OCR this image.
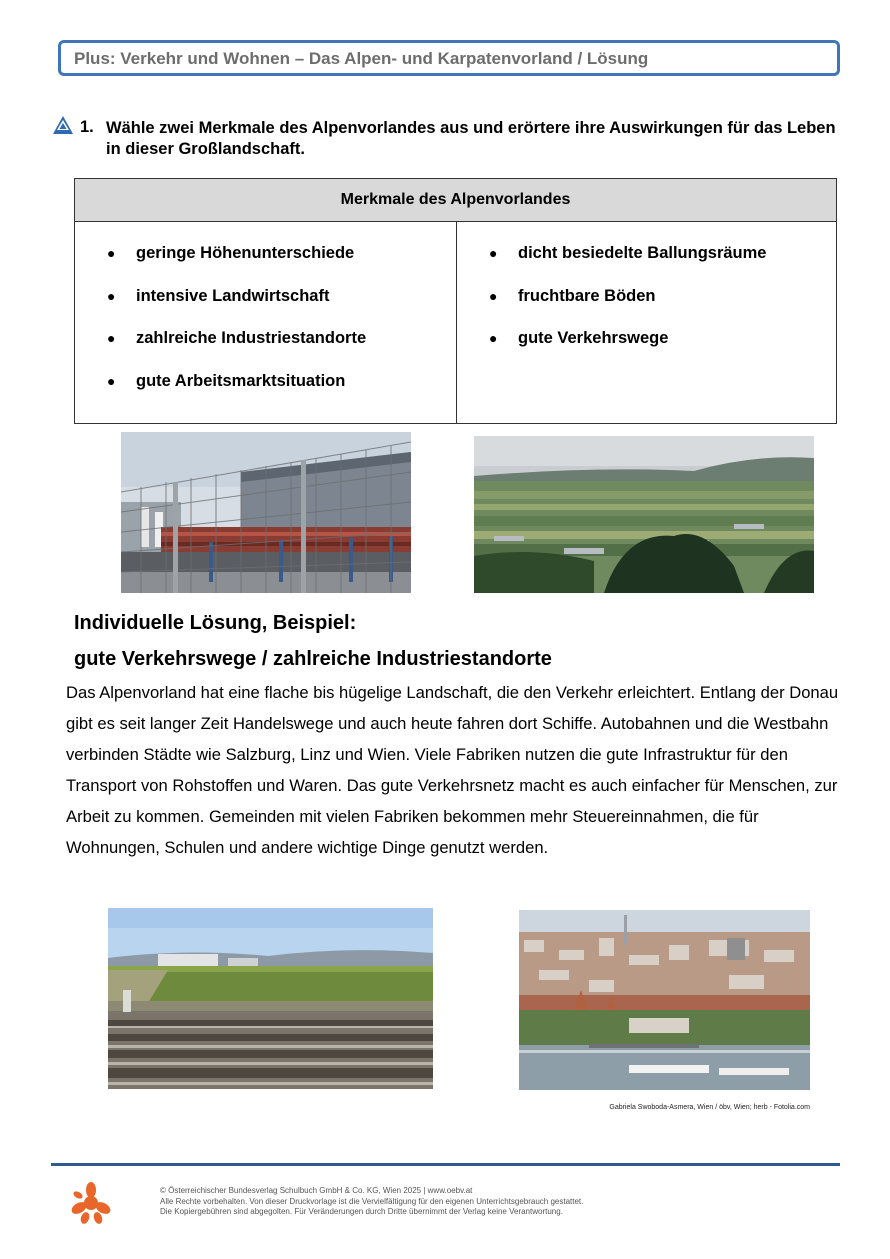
Plus: Verkehr und Wohnen – Das Alpen- und Karpatenvorland / Lösung
1. Wähle zwei Merkmale des Alpenvorlandes aus und erörtere ihre Auswirkungen für das Leben in dieser Großlandschaft.
Merkmale des Alpenvorlandes
●	geringe Höhenunterschiede
●	intensive Landwirtschaft
●	zahlreiche Industriestandorte
●	gute Arbeitsmarktsituation
●	dicht besiedelte Ballungsräume
●	fruchtbare Böden
●	gute Verkehrswege
Individuelle Lösung, Beispiel:
gute Verkehrswege / zahlreiche Industriestandorte
Das Alpenvorland hat eine flache bis hügelige Landschaft, die den Verkehr erleichtert. Entlang der Donau gibt es seit langer Zeit Handelswege und auch heute fahren dort Schiffe. Autobahnen und die Westbahn verbinden Städte wie Salzburg, Linz und Wien. Viele Fabriken nutzen die gute Infrastruktur für den Transport von Rohstoffen und Waren. Das gute Verkehrsnetz macht es auch einfacher für Menschen, zur Arbeit zu kommen. Gemeinden mit vielen Fabriken bekommen mehr Steuereinnahmen, die für Wohnungen, Schulen und andere wichtige Dinge genutzt werden.
Gabriela Swoboda-Asmera, Wien / öbv, Wien; herb - Fotolia.com
© Österreichischer Bundesverlag Schulbuch GmbH & Co. KG, Wien 2025 | www.oebv.at
Alle Rechte vorbehalten. Von dieser Druckvorlage ist die Vervielfältigung für den eigenen Unterrichtsgebrauch gestattet.
Die Kopiergebühren sind abgegolten. Für Veränderungen durch Dritte übernimmt der Verlag keine Verantwortung.
